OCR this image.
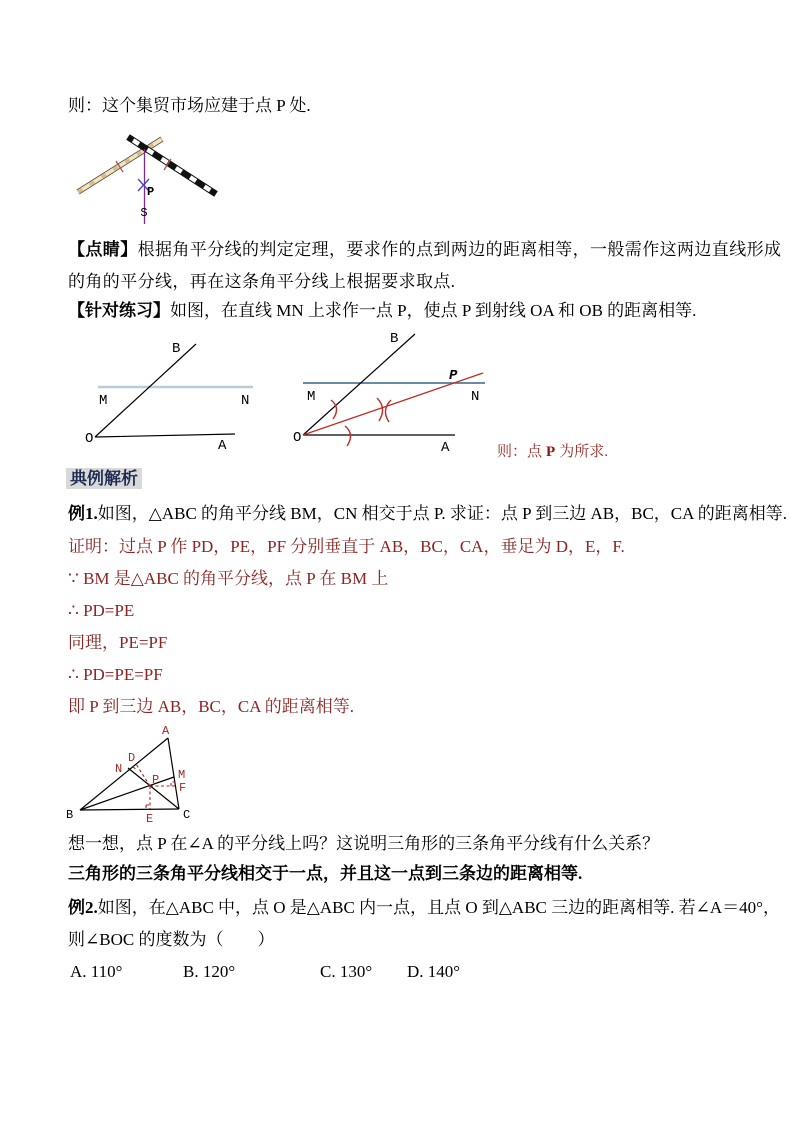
则：这个集贸市场应建于点 P 处.
P
S
【点睛】根据角平分线的判定定理，要求作的点到两边的距离相等，一般需作这两边直线形成
的角的平分线，再在这条角平分线上根据要求取点.
【针对练习】如图，在直线 MN 上求作一点 P，使点 P 到射线 OA 和 OB 的距离相等.
B
M	N
O	A
B
P
M	N
O
A	则：点 P 为所求.
典例解析
例1.如图，△ABC 的角平分线 BM，CN 相交于点 P. 求证：点 P 到三边 AB，BC，CA 的距离相等.
证明：过点 P 作 PD，PE，PF 分别垂直于 AB，BC，CA，垂足为 D，E，F.
∵ BM 是△ABC 的角平分线，点 P 在 BM 上
∴ PD=PE
同理，PE=PF
∴ PD=PE=PF
即 P 到三边 AB，BC，CA 的距离相等.
A
B	C
D
N	M
F
P
E
想一想，点 P 在∠A 的平分线上吗？这说明三角形的三条角平分线有什么关系？
三角形的三条角平分线相交于一点，并且这一点到三条边的距离相等.
例2.如图，在△ABC 中，点 O 是△ABC 内一点，且点 O 到△ABC 三边的距离相等. 若∠A＝40°，
则∠BOC 的度数为（　　）
A. 110°	B. 120°	C. 130° D. 140°
